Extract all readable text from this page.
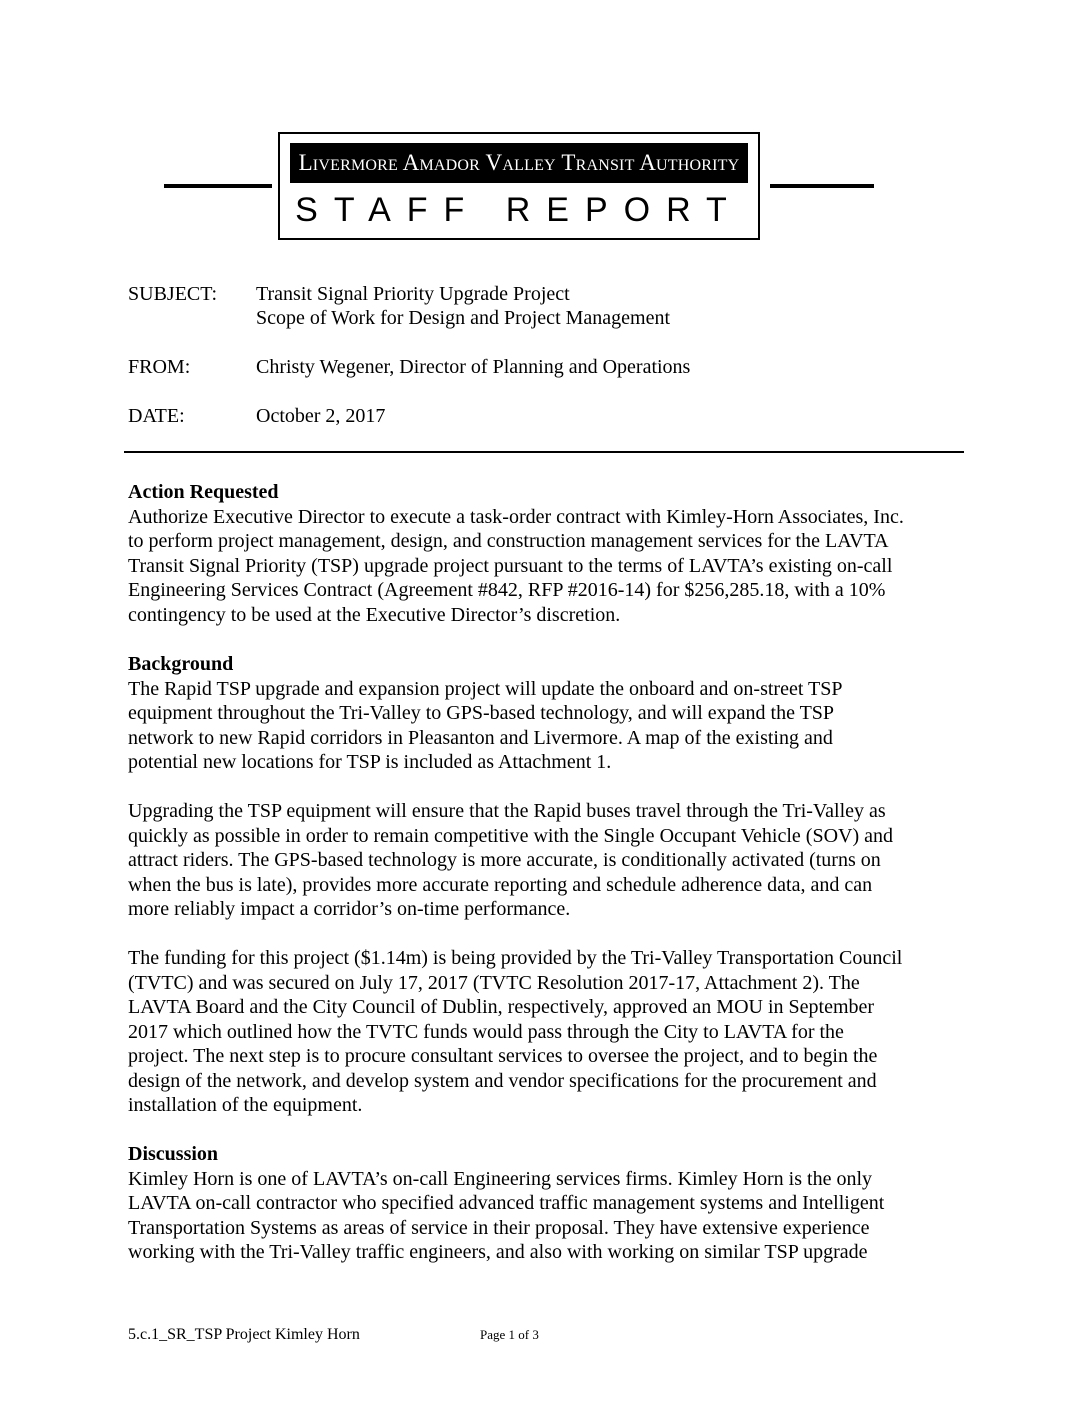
Livermore Amador Valley Transit Authority
STAFF REPORT
SUBJECT: Transit Signal Priority Upgrade Project
Scope of Work for Design and Project Management
FROM:	Christy Wegener, Director of Planning and Operations
DATE:	October 2, 2017
Action Requested

Authorize Executive Director to execute a task-order contract with Kimley-Horn Associates, Inc.
to perform project management, design, and construction management services for the LAVTA
Transit Signal Priority (TSP) upgrade project pursuant to the terms of LAVTA’s existing on-call
Engineering Services Contract (Agreement #842, RFP #2016-14) for $256,285.18, with a 10%
contingency to be used at the Executive Director’s discretion.

Background

The Rapid TSP upgrade and expansion project will update the onboard and on-street TSP
equipment throughout the Tri-Valley to GPS-based technology, and will expand the TSP
network to new Rapid corridors in Pleasanton and Livermore. A map of the existing and
potential new locations for TSP is included as Attachment 1.

Upgrading the TSP equipment will ensure that the Rapid buses travel through the Tri-Valley as
quickly as possible in order to remain competitive with the Single Occupant Vehicle (SOV) and
attract riders. The GPS-based technology is more accurate, is conditionally activated (turns on
when the bus is late), provides more accurate reporting and schedule adherence data, and can
more reliably impact a corridor’s on-time performance.

The funding for this project ($1.14m) is being provided by the Tri-Valley Transportation Council
(TVTC) and was secured on July 17, 2017 (TVTC Resolution 2017-17, Attachment 2). The
LAVTA Board and the City Council of Dublin, respectively, approved an MOU in September
2017 which outlined how the TVTC funds would pass through the City to LAVTA for the
project. The next step is to procure consultant services to oversee the project, and to begin the
design of the network, and develop system and vendor specifications for the procurement and
installation of the equipment.

Discussion

Kimley Horn is one of LAVTA’s on-call Engineering services firms. Kimley Horn is the only
LAVTA on-call contractor who specified advanced traffic management systems and Intelligent
Transportation Systems as areas of service in their proposal. They have extensive experience
working with the Tri-Valley traffic engineers, and also with working on similar TSP upgrade

5.c.1_SR_TSP Project Kimley Horn	Page 1 of 3
